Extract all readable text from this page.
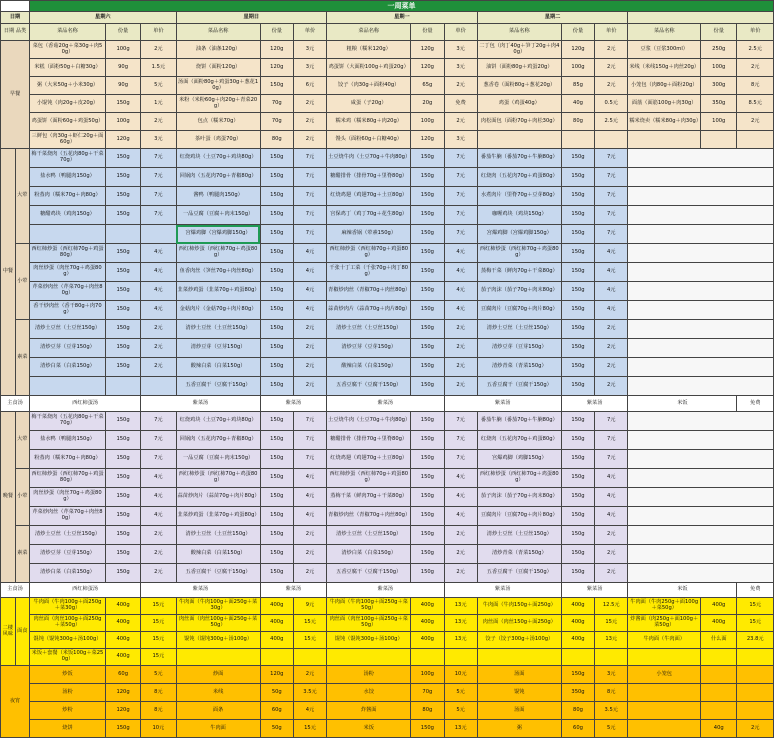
		一周菜单														
日期		星期六			星期日			星期一			星期二					
日期 品类		菜品名称	份量	单价	菜品名称	份量	单价	菜品名称	份量	单价	菜品名称	份量	单价	菜品名称	份量	单价
早餐		菜包（香菇20g＋菜30g＋肉50g）	100g	2元	油条（油条120g）	120g	3元	粗粮（糯米120g）	120g	3元	二丁包（肉丁40g＋笋丁20g＋肉40g）	120g	2元	豆浆（豆浆300ml）	250g	2.5元
		米糕（面粉50g＋白糖30g）	90g	1.5元	烧饼（面粉120g）	120g	3元	鸡蛋饼（大面粉100g＋鸡蛋20g）	120g	3元	油饼（面粉80g＋鸡蛋20g）	100g	2元	米线（米线150g＋肉丝20g）	100g	2元
		粥（大米50g＋小米30g）	90g	5元	汤面（面粉80g＋鸡蛋30g＋葱花10g）	150g	6元	饺子（肉30g＋面粉40g）	65g	2元	葱香卷（面粉80g＋葱花20g）	85g	2元	小笼包（肉80g＋面粉20g）	300g	8元
		小馄饨（肉20g＋皮20g）	150g	1元	米粉（米粉60g＋肉20g＋青菜20g）	70g	2元	咸蛋（子20g）	20g	免费	鸡蛋（鸡蛋40g）	40g	0.5元	面筋（面筋100g＋肉30g）	350g	8.5元
		鸡蛋饼（面粉60g＋鸡蛋50g）	100g	2元	包点（糯米70g）	70g	2元	糯米鸡（糯米80g＋肉20g）	100g	2元	肉松面包（面粉70g＋肉松30g）	80g	2.5元	糯米烧卖（糯米80g＋肉30g）	100g	2元
		三鲜包（肉30g＋虾仁20g＋面60g）	120g	3元	茶叶蛋（鸡蛋70g）	80g	2元	馒头（面粉60g＋白糖40g）	120g	3元						
中餐	大荤	梅干菜烧肉（五花肉80g＋干菜70g）	150g	7元	红烧鸡块（土豆70g＋鸡块80g）	150g	7元	土豆烧牛肉（土豆70g＋牛肉80g）	150g	7元	番茄牛腩（番茄70g＋牛腩80g）	150g	7元			
		盐水鸭（鸭腿肉150g）	150g	7元	回锅肉（五花肉70g＋青椒80g）	150g	7元	糖醋排骨（排骨70g＋里脊80g）	150g	7元	红烧肉（五花肉70g＋鸡蛋80g）	150g	7元			
		粉蒸肉（糯米70g＋肉80g）	150g	7元	酱鸭（鸭腿肉150g）	150g	7元	红烧鸡翅（鸡翅70g＋土豆80g）	150g	7元	水煮肉片（里脊70g＋豆芽80g）	150g	7元			
		糖醋鸡块（鸡肉150g）	150g	7元	一品豆腐（豆腐＋肉末150g）	150g	7元	宫保鸡丁（鸡丁70g＋花生80g）	150g	7元	咖喱鸡块（鸡块150g）	150g	7元			
					宫爆鸡脚（宫爆鸡脚150g）	150g	7元	麻辣香锅（荤素150g）	150g	7元	宫爆鸡脚（宫爆鸡脚150g）	150g	7元			
	小荤	西红柿炒蛋（西红柿70g＋鸡蛋80g）	150g	4元	西红柿炒蛋（西红柿70g＋鸡蛋80g）	150g	4元	西红柿炒蛋（西红柿70g＋鸡蛋80g）	150g	4元	西红柿炒蛋（西红柿70g＋鸡蛋80g）	150g	4元			
		肉丝炒蛋（肉丝70g＋鸡蛋80g）	150g	4元	鱼香肉丝（笋丝70g＋肉丝80g）	150g	4元	千张十丁工菜（千张70g＋肉丁80g）	150g	4元	蒸梅干菜（鲜肉70g＋干菜80g）	150g	4元			
		芹菜炒肉丝（芹菜70g＋肉丝80g）	150g	4元	韭菜炒鸡蛋（韭菜70g＋鸡蛋80g）	150g	4元	青椒炒肉丝（青椒70g＋肉丝80g）	150g	4元	茄子肉沫（茄子70g＋肉末80g）	150g	4元			
		香干炒肉丝（香干80g＋肉70g）	150g	4元	金菇肉片（金菇70g＋肉片80g）	150g	4元	蒜苗炒肉片（蒜苗70g＋肉片80g）	150g	4元	豆腐肉片（豆腐70g＋肉片80g）	150g	4元			
	素菜	清炒土豆丝（土豆丝150g）	150g	2元	清炒土豆丝（土豆丝150g）	150g	2元	清炒土豆丝（土豆丝150g）	150g	2元	清炒土豆丝（土豆丝150g）	150g	2元			
		清炒豆芽（豆芽150g）	150g	2元	清炒豆芽（豆芽150g）	150g	2元	清炒豆芽（豆芽150g）	150g	2元	清炒豆芽（豆芽150g）	150g	2元			
		清炒白菜（白菜150g）	150g	2元	酸辣白菜（白菜150g）	150g	2元	酸辣白菜（白菜150g）	150g	2元	清炒青菜（青菜150g）	150g	2元			
					五香豆腐干（豆腐干150g）	150g	2元	五香豆腐干（豆腐干150g）	150g	2元	五香豆腐干（豆腐干150g）	150g	2元			
主食汤		西红柿蛋汤		紫菜汤		紫菜汤		紫菜汤		紫菜汤		紫菜汤		米饭		免费
晚餐	大荤	梅干菜烧肉（五花肉80g＋干菜70g）	150g	7元	红烧鸡块（土豆70g＋鸡块80g）	150g	7元	土豆烧牛肉（土豆70g＋牛肉80g）	150g	7元	番茄牛腩（番茄70g＋牛腩80g）	150g	7元			
		盐水鸭（鸭腿肉150g）	150g	7元	回锅肉（五花肉70g＋青椒80g）	150g	7元	糖醋排骨（排骨70g＋里脊80g）	150g	7元	红烧肉（五花肉70g＋鸡蛋80g）	150g	7元			
		粉蒸肉（糯米70g＋肉80g）	150g	7元	一品豆腐（豆腐＋肉末150g）	150g	7元	红烧鸡翅（鸡翅70g＋土豆80g）	150g	7元	宫爆鸡脚（鸡脚150g）	150g	7元			
	小荤	西红柿炒蛋（西红柿70g＋鸡蛋80g）	150g	4元	西红柿炒蛋（西红柿70g＋鸡蛋80g）	150g	4元	西红柿炒蛋（西红柿70g＋鸡蛋80g）	150g	4元	西红柿炒蛋（西红柿70g＋鸡蛋80g）	150g	4元			
		肉丝炒蛋（肉丝70g＋鸡蛋80g）	150g	4元	蒜苗炒肉片（蒜苗70g＋肉片80g）	150g	4元	蒸梅干菜（鲜肉70g＋干菜80g）	150g	4元	茄子肉沫（茄子70g＋肉末80g）	150g	4元			
		芹菜炒肉丝（芹菜70g＋肉丝80g）	150g	4元	韭菜炒鸡蛋（韭菜70g＋鸡蛋80g）	150g	4元	青椒炒肉丝（青椒70g＋肉丝80g）	150g	4元	豆腐肉片（豆腐70g＋肉片80g）	150g	4元			
	素菜	清炒土豆丝（土豆丝150g）	150g	2元	清炒土豆丝（土豆丝150g）	150g	2元	清炒土豆丝（土豆丝150g）	150g	2元	清炒土豆丝（土豆丝150g）	150g	2元			
		清炒豆芽（豆芽150g）	150g	2元	酸辣白菜（白菜150g）	150g	2元	清炒白菜（白菜150g）	150g	2元	清炒青菜（青菜150g）	150g	2元			
		清炒白菜（白菜150g）	150g	2元	五香豆腐干（豆腐干150g）	150g	2元	五香豆腐干（豆腐干150g）	150g	2元	五香豆腐干（豆腐干150g）	150g	2元			
主食汤		西红柿蛋汤		紫菜汤		紫菜汤		紫菜汤		紫菜汤		紫菜汤		米饭		免费
二楼风味	面食	牛肉面（牛肉100g＋面250g＋菜30g）	400g	15元	牛肉面（牛肉100g＋面250g＋菜30g）	400g	9元	牛肉面（牛肉100g＋面250g＋菜50g）	400g	13元	牛肉面（牛肉150g＋面250g）	400g	12.5元	牛肉面（牛肉250g＋面100g＋菜50g）	400g	15元
		肉丝面（肉丝100g＋面250g＋菜50g）	400g	15元	肉丝面（肉丝100g＋面250g＋菜50g）	400g	15元	肉丝面（肉丝100g＋面250g＋菜50g）	400g	13元	肉丝面（肉丝150g＋面250g）	400g	15元	炸酱面（肉250g＋面100g＋菜50g）	400g	15元
		馄饨（馄饨300g＋汤100g）	400g	15元	馄饨（馄饨300g＋汤100g）	400g	15元	馄饨（馄饨300g＋汤100g）	400g	13元	饺子（饺子300g＋汤100g）	400g	13元	牛肉面（牛肉面）	什么面	23.8元
		米饭＋套餐（米饭100g＋菜250g）	400g	15元												
夜宵		炒饭	60g	5元	炒面	120g	2元	汤粉	100g	10元	汤面	150g	3元	小笼包		
		汤粉	120g	8元	米线	50g	3.5元	水饺	70g	5元	馄饨	350g	8元			
		炒粉	120g	8元	面条	60g	4元	炸酱面	80g	5元	汤面	80g	3.5元			
		烧饼	150g	10元	牛肉面	50g	15元	米饭	150g	13元	粥	60g	5元		40g	2元
